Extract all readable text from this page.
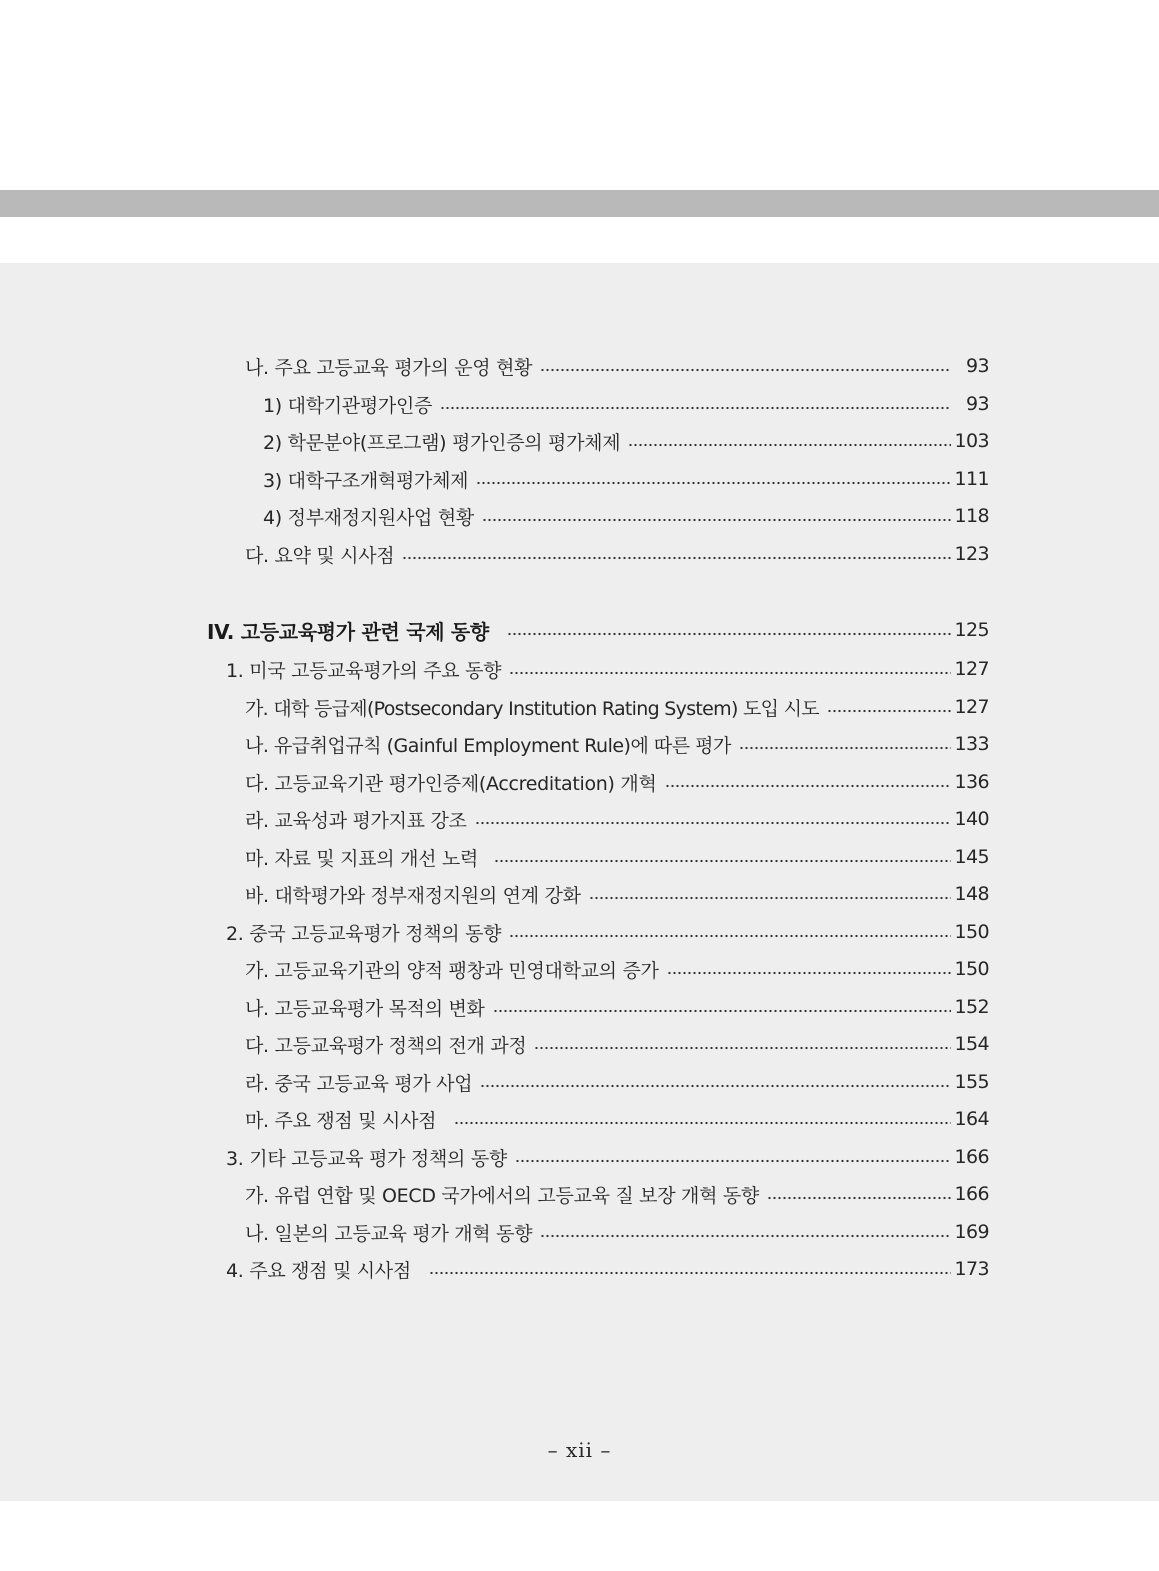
나. 주요 고등교육 평가의 운영 현황	93
1) 대학기관평가인증	93
2) 학문분야(프로그램) 평가인증의 평가체제	103
3) 대학구조개혁평가체제	111
4) 정부재정지원사업 현황	118
다. 요약 및 시사점	123
IV. 고등교육평가 관련 국제 동향	125
1. 미국 고등교육평가의 주요 동향	127
가. 대학 등급제(Postsecondary Institution Rating System) 도입 시도	127
나. 유급취업규칙 (Gainful Employment Rule)에 따른 평가	133
다. 고등교육기관 평가인증제(Accreditation) 개혁	136
라. 교육성과 평가지표 강조	140
마. 자료 및 지표의 개선 노력	145
바. 대학평가와 정부재정지원의 연계 강화	148
2. 중국 고등교육평가 정책의 동향	150
가. 고등교육기관의 양적 팽창과 민영대학교의 증가	150
나. 고등교육평가 목적의 변화	152
다. 고등교육평가 정책의 전개 과정	154
라. 중국 고등교육 평가 사업	155
마. 주요 쟁점 및 시사점	164
3. 기타 고등교육 평가 정책의 동향	166
가. 유럽 연합 및 OECD 국가에서의 고등교육 질 보장 개혁 동향	166
나. 일본의 고등교육 평가 개혁 동향	169
4. 주요 쟁점 및 시사점	173
– xii –
